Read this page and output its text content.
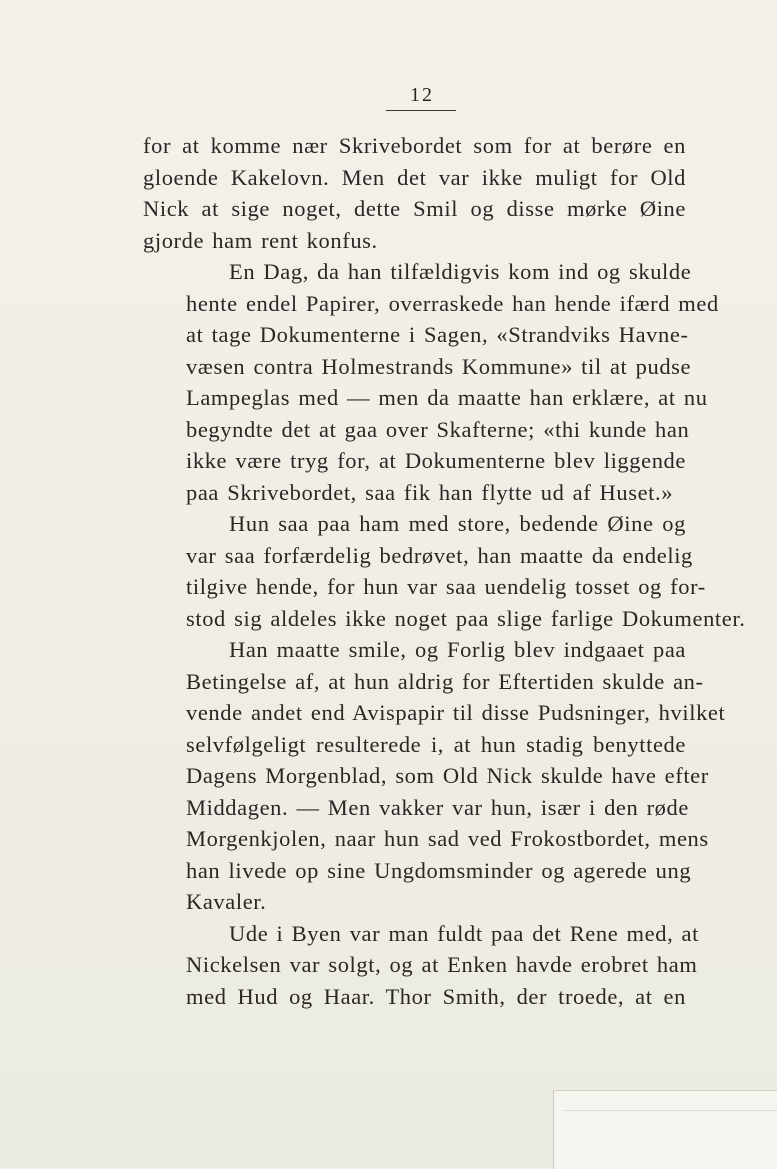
12
for at komme nær Skrivebordet som for at berøre en
gloende Kakelovn. Men det var ikke muligt for Old
Nick at sige noget, dette Smil og disse mørke Øine
gjorde ham rent konfus.
En Dag, da han tilfældigvis kom ind og skulde
hente endel Papirer, overraskede han hende ifærd med
at tage Dokumenterne i Sagen, «Strandviks Havne-
væsen contra Holmestrands Kommune» til at pudse
Lampeglas med — men da maatte han erklære, at nu
begyndte det at gaa over Skafterne; «thi kunde han
ikke være tryg for, at Dokumenterne blev liggende
paa Skrivebordet, saa fik han flytte ud af Huset.»
Hun saa paa ham med store, bedende Øine og
var saa forfærdelig bedrøvet, han maatte da endelig
tilgive hende, for hun var saa uendelig tosset og for-
stod sig aldeles ikke noget paa slige farlige Dokumenter.
Han maatte smile, og Forlig blev indgaaet paa
Betingelse af, at hun aldrig for Eftertiden skulde an-
vende andet end Avispapir til disse Pudsninger, hvilket
selvfølgeligt resulterede i, at hun stadig benyttede
Dagens Morgenblad, som Old Nick skulde have efter
Middagen. — Men vakker var hun, især i den røde
Morgenkjolen, naar hun sad ved Frokostbordet, mens
han livede op sine Ungdomsminder og agerede ung
Kavaler.
Ude i Byen var man fuldt paa det Rene med, at
Nickelsen var solgt, og at Enken havde erobret ham
med Hud og Haar. Thor Smith, der troede, at en
